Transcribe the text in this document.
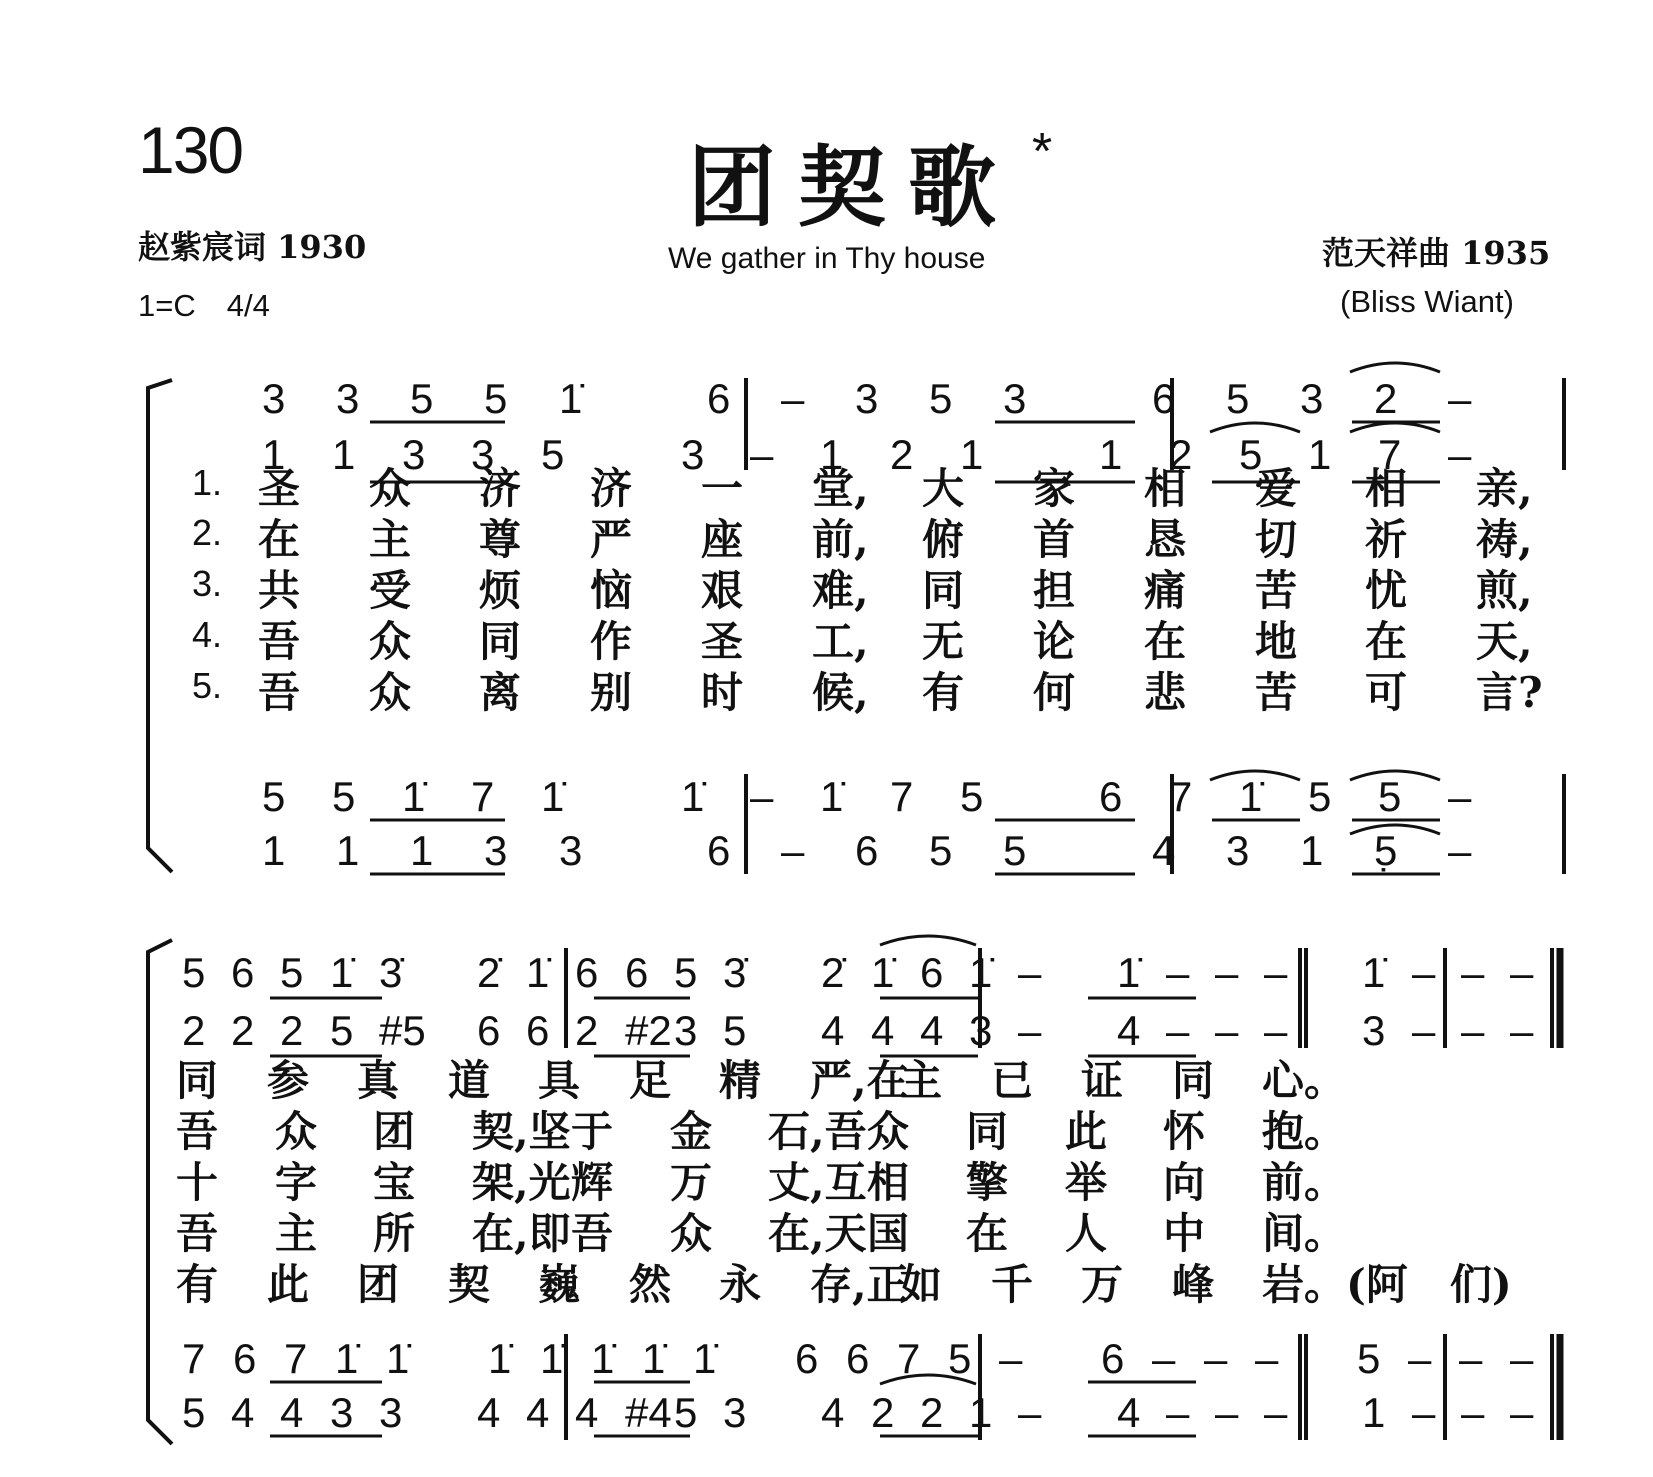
130	团契歌 *
We gather in Thy house
赵紫宸词 1930	范天祥曲 1935
1=C　4/4	(Bliss Wiant)
1.
2.
3.
4.
5.
3 3 5 5 1̇	6 – 3 5 3	6 5 3 2 –
1 1 3 3 5	3 – 1 2 1	1 2 5 1 7 –
5 5 1̇ 7 1̇	1̇ – 1̇ 7 5	6 7 1̇ 5 5 –
1 1 1 3 3	6 – 6 5 5	4 3 1 5̣ –
5 6 5 1̇ 3̇ 2̇ 1̇ 6 6 5 3̇ 2̇ 1̇ 6 1̇ – 1̇ – – – 1̇ – – –
2 2 2 5 #5 6 6 2 #2 3 5 4 4 4 3 – 4 – – – 3 – – –
7 6 7 1̇ 1̇ 1̇ 1̇ 1̇ 1̇ 1̇ 6 6 7 5 – 6 – – – 5 – – –
5 4 4 3 3 4 4 4 #4 5 3 4 2 2 1 – 4 – – – 1 – – –
圣 众 济 济 一 堂, 大 家 相 爱 相 亲,
在 主 尊 严 座 前, 俯 首 恳 切 祈 祷,
共 受 烦 恼 艰 难, 同 担 痛 苦 忧 煎,
吾 众 同 作 圣 工, 无 论 在 地 在 天,
吾 众 离 别 时 候, 有 何 悲 苦 可 言?
同 参 真 道 具 足 精 严,在
主 已 证 同 心。
吾 众 团 契,坚 于 金 石,吾 众 同 此 怀 抱。
十 字 宝 架,光 辉 万 丈,互 相 擎 举 向 前。
吾 主 所 在,即 吾 众 在,天 国 在 人 中 间。
有 此 团 契 巍 然 永 存,正
如 千 万 峰 岩。(阿　们)
